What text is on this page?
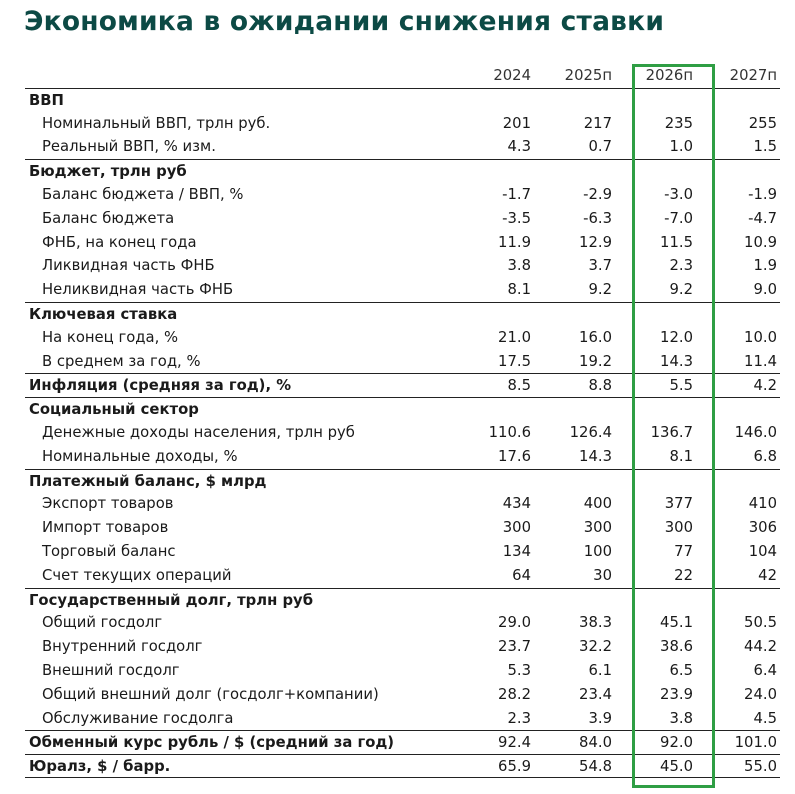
Экономика в ожидании снижения ставки
2024	2025п	2026п	2027п
ВВП
Номинальный ВВП, трлн руб.	201	217	235	255
Реальный ВВП, % изм.	4.3	0.7	1.0	1.5
Бюджет, трлн руб
Баланс бюджета / ВВП, %	-1.7	-2.9	-3.0	-1.9
Баланс бюджета	-3.5	-6.3	-7.0	-4.7
ФНБ, на конец года	11.9	12.9	11.5	10.9
Ликвидная часть ФНБ	3.8	3.7	2.3	1.9
Неликвидная часть ФНБ	8.1	9.2	9.2	9.0
Ключевая ставка
На конец года, %	21.0	16.0	12.0	10.0
В среднем за год, %	17.5	19.2	14.3	11.4
Инфляция (средняя за год), %	8.5	8.8	5.5	4.2
Социальный сектор
Денежные доходы населения, трлн руб	110.6	126.4	136.7	146.0
Номинальные доходы, %	17.6	14.3	8.1	6.8
Платежный баланс, $ млрд
Экспорт товаров	434	400	377	410
Импорт товаров	300	300	300	306
Торговый баланс	134	100	77	104
Счет текущих операций	64	30	22	42
Государственный долг, трлн руб
Общий госдолг	29.0	38.3	45.1	50.5
Внутренний госдолг	23.7	32.2	38.6	44.2
Внешний госдолг	5.3	6.1	6.5	6.4
Общий внешний долг (госдолг+компании)	28.2	23.4	23.9	24.0
Обслуживание госдолга	2.3	3.9	3.8	4.5
Обменный курс рубль / $ (средний за год)	92.4	84.0	92.0	101.0
Юралз, $ / барр.	65.9	54.8	45.0	55.0
